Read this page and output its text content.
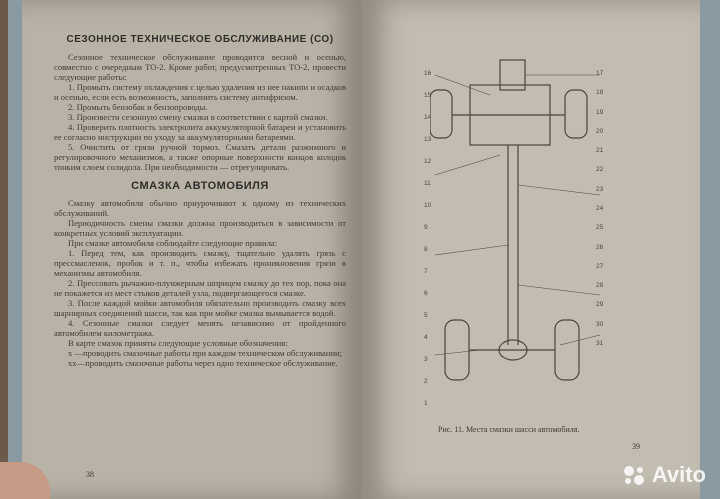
СЕЗОННОЕ ТЕХНИЧЕСКОЕ ОБСЛУЖИВАНИЕ (СО)

Сезонное техническое обслуживание проводится весной и осенью, совместно с очередным ТО-2. Кроме работ, предусмотренных ТО-2, провести следующие работы:

1. Промыть систему охлаждения с целью удаления из нее накипи и осадков и осенью, если есть возможность, заполнить систему антифризом.

2. Промыть бензобак и бензопроводы.

3. Произвести сезонную смену смазки в соответствии с картой смазки.

4. Проверить плотность электролита аккумуляторной батареи и установить ее согласно инструкции по уходу за аккумуляторными батареями.

5. Очистить от грязи ручной тормоз. Смазать детали разжимного и регулировочного механизмов, а также опорные поверхности концов колодок тонким слоем солидола. При необходимости — отрегулировать.

СМАЗКА АВТОМОБИЛЯ

Смазку автомобиля обычно приурочивают к одному из технических обслуживаний.

Периодичность смены смазки должна производиться в зависимости от конкретных условий эксплуатации.

При смазке автомобиля соблюдайте следующие правила:

1. Перед тем, как производить смазку, тщательно удалять грязь с прессмасленок, пробок и т. п., чтобы избежать проникновения грязи в механизмы автомобиля.

2. Прессовать рычажно-плунжерным шприцем смазку до тех пор, пока она не покажется из мест стыков деталей узла, подвергающегося смазке.

3. После каждой мойки автомобиля обязательно производить смазку всех шарнирных соединений шасси, так как при мойке смазка вымывается водой.

4. Сезонные смазки следует менять независимо от пройденного автомобилем километража.

В карте смазок приняты следующие условные обозначения:

х —проводить смазочные работы при каждом техническом обслуживании;

хх—проводить смазочные работы через одно техническое обслуживание.

38
16
15
14
13
12
11
10
9
8
7
6
5
4
3
2
1
17
18
19
20
21
22
23
24
25
26
27
28
29
30
31
Рис. 11. Места смазки шасси автомобиля.
39
Avito
